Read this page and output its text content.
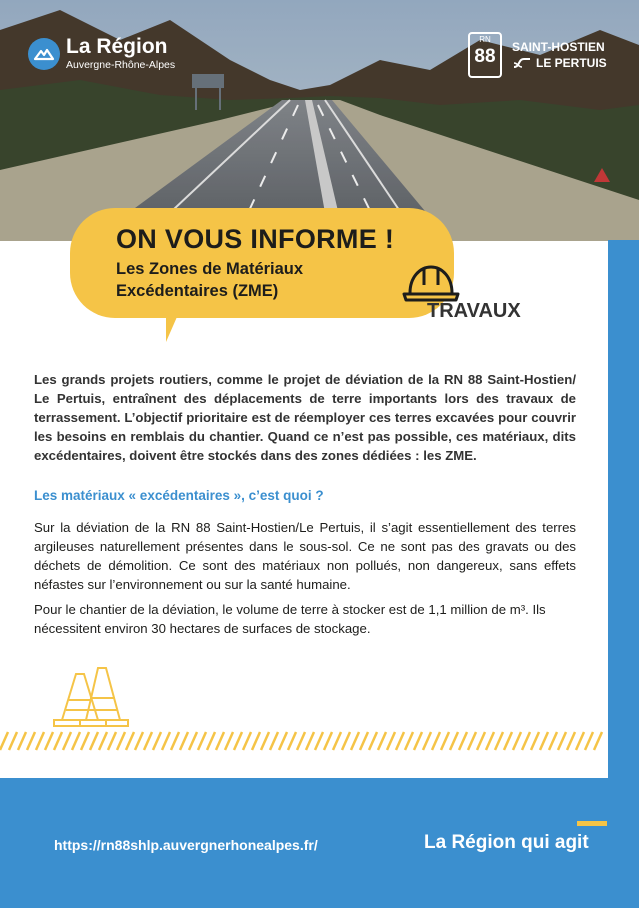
La Région
Auvergne-Rhône-Alpes
RN
88	SAINT-HOSTIEN
LE PERTUIS
ON VOUS INFORME !
Les Zones de Matériaux Excédentaires (ZME)
TRAVAUX

Les grands projets routiers, comme le projet de déviation de la RN 88 Saint-Hostien/ Le Pertuis, entraînent des déplacements de terre importants lors des travaux de terrassement. L’objectif prioritaire est de réemployer ces terres excavées pour couvrir les besoins en remblais du chantier. Quand ce n’est pas possible, ces matériaux, dits excédentaires, doivent être stockés dans des zones dédiées : les ZME.

Les matériaux « excédentaires », c’est quoi ?

Sur la déviation de la RN 88 Saint-Hostien/Le Pertuis, il s’agit essentiellement des terres argileuses naturellement présentes dans le sous-sol. Ce ne sont pas des gravats ou des déchets de démolition. Ce sont des matériaux non pollués, non dangereux, sans effets néfastes sur l’environnement ou sur la santé humaine.

Pour le chantier de la déviation, le volume de terre à stocker est de 1,1 million de m³. Ils nécessitent environ 30 hectares de surfaces de stockage.

https://rn88shlp.auvergnerhonealpes.fr/	La Région qui agit
